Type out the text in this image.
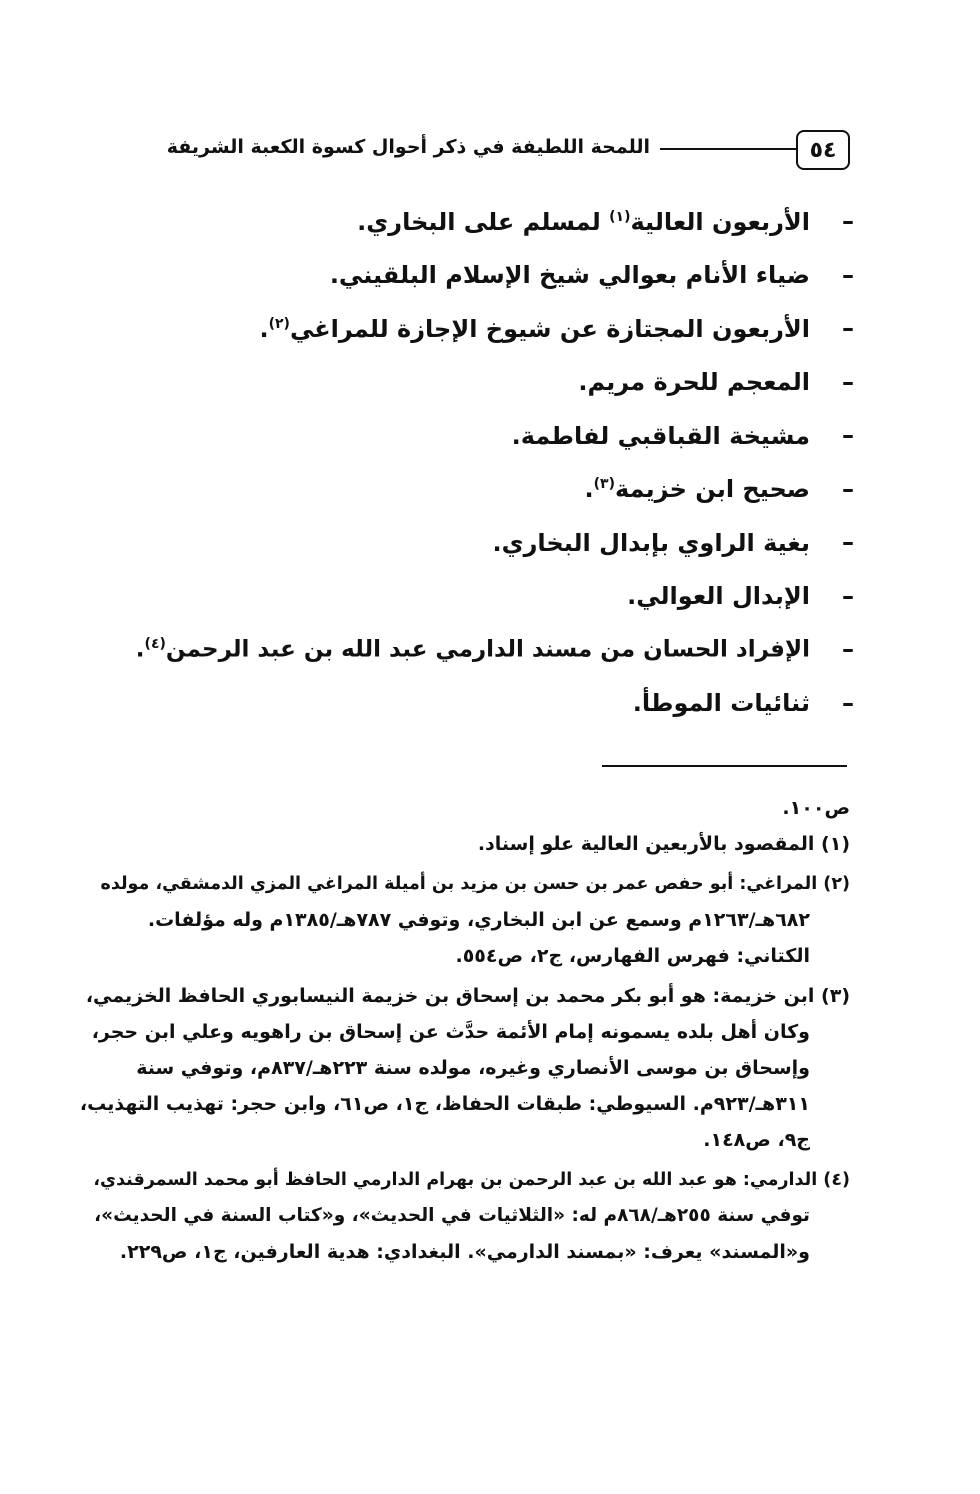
٥٤
اللمحة اللطيفة في ذكر أحوال كسوة الكعبة الشريفة
–
الأربعون العالية$^{(١)}$ لمسلم على البخاري.
–
ضياء الأنام بعوالي شيخ الإسلام البلقيني.
–
الأربعون المجتازة عن شيوخ الإجازة للمراغي$^{(٢)}$.
–
المعجم للحرة مريم.
–
مشيخة القباقبي لفاطمة.
–
صحيح ابن خزيمة$^{(٣)}$.
–
بغية الراوي بإبدال البخاري.
–
الإبدال العوالي.
–
الإفراد الحسان من مسند الدارمي عبد الله بن عبد الرحمن$^{(٤)}$.
–
ثنائيات الموطأ.
ص١٠٠.
(١) المقصود بالأربعين العالية علو إسناد.
(٢) المراغي: أبو حفص عمر بن حسن بن مزيد بن أميلة المراغي المزي الدمشقي، مولده
٦٨٢هـ/١٢٦٣م وسمع عن ابن البخاري، وتوفي ٧٨٧هـ/١٣٨٥م وله مؤلفات.
الكتاني: فهرس الفهارس، ج٢، ص٥٥٤.
(٣) ابن خزيمة: هو أبو بكر محمد بن إسحاق بن خزيمة النيسابوري الحافظ الخزيمي،
وكان أهل بلده يسمونه إمام الأئمة حدَّث عن إسحاق بن راهويه وعلي ابن حجر،
وإسحاق بن موسى الأنصاري وغيره، مولده سنة ٢٢٣هـ/٨٣٧م، وتوفي سنة
٣١١هـ/٩٢٣م. السيوطي: طبقات الحفاظ، ج١، ص٦١، وابن حجر: تهذيب التهذيب،
ج٩، ص١٤٨.
(٤) الدارمي: هو عبد الله بن عبد الرحمن بن بهرام الدارمي الحافظ أبو محمد السمرقندي،
توفي سنة ٢٥٥هـ/٨٦٨م له: «الثلاثيات في الحديث»، و«كتاب السنة في الحديث»،
و«المسند» يعرف: «بمسند الدارمي». البغدادي: هدية العارفين، ج١، ص٢٢٩.
